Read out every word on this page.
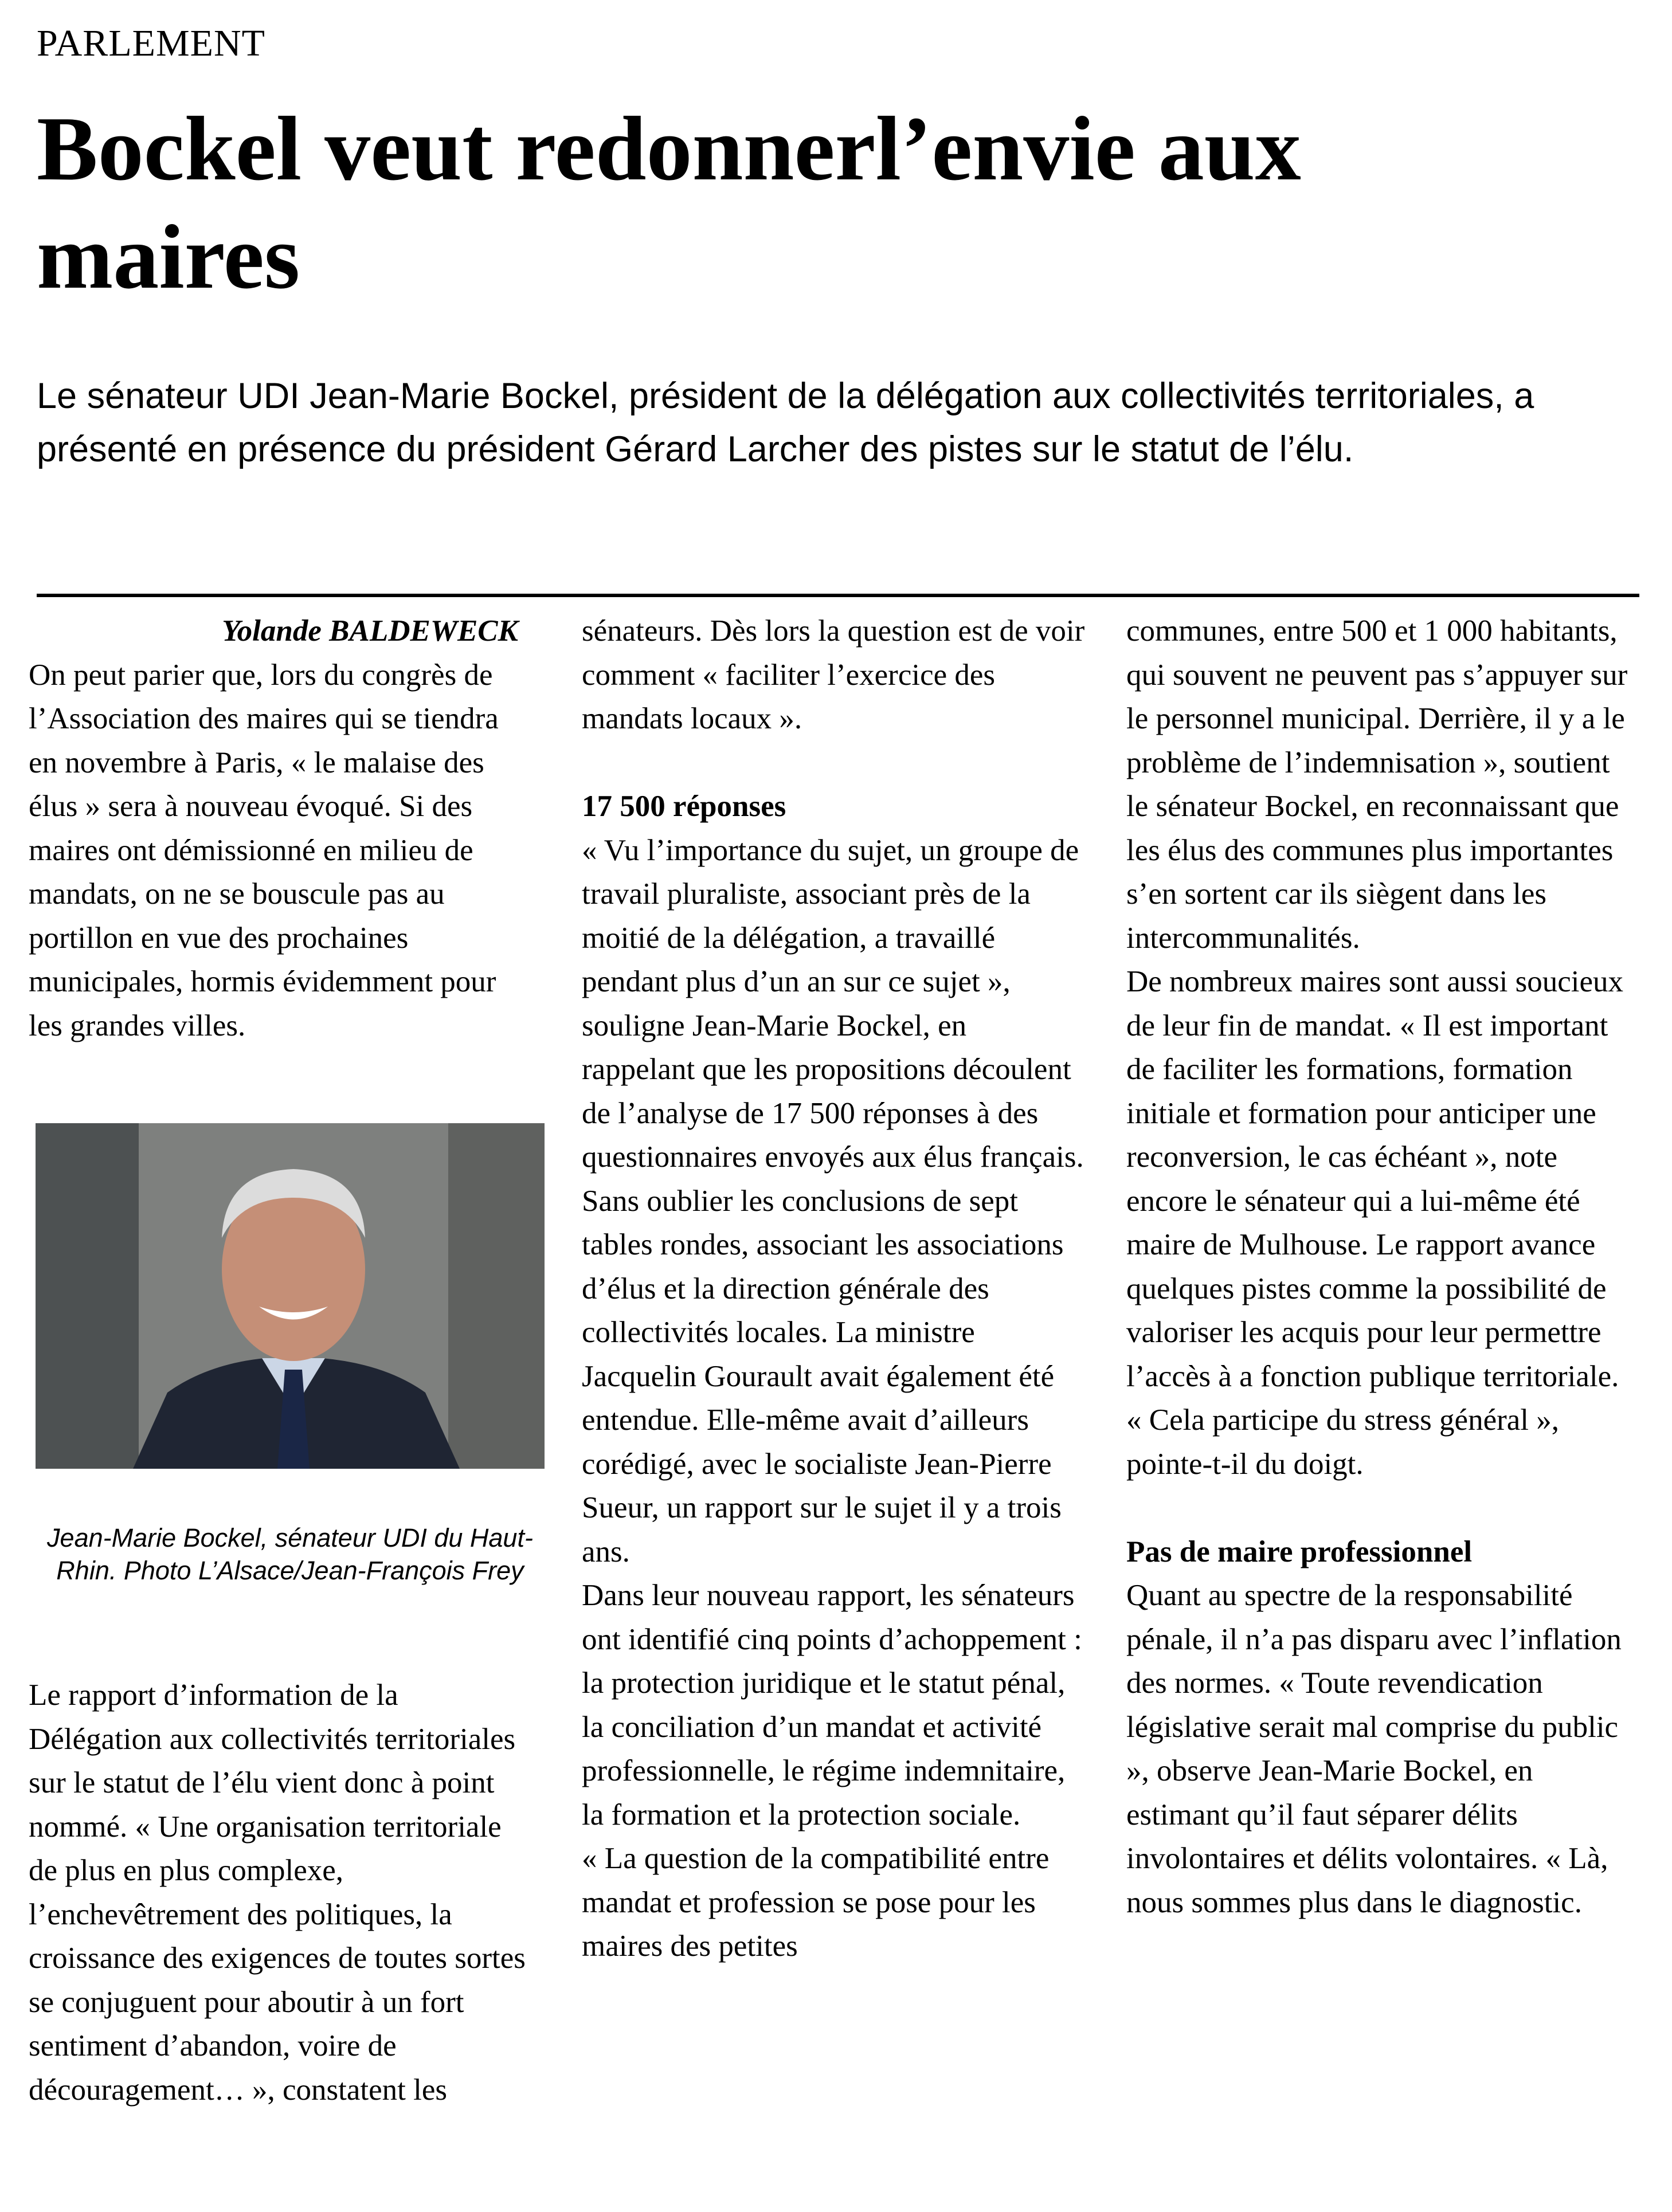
PARLEMENT
Bockel veut redonnerl’envie aux maires
Le sénateur UDI Jean-Marie Bockel, président de la délégation aux collectivités territoriales, a présenté en présence du président Gérard Larcher des pistes sur le statut de l’élu.

Yolande BALDEWECK

On peut parier que, lors du congrès de l’Association des maires qui se tiendra en novembre à Paris, « le malaise des élus » sera à nouveau évoqué. Si des maires ont démissionné en milieu de mandats, on ne se bouscule pas au portillon en vue des prochaines municipales, hormis évidemment pour les grandes villes.

Jean-Marie Bockel, sénateur UDI du Haut-Rhin. Photo L’Alsace/Jean-François Frey

Le rapport d’information de la Délégation aux collectivités territoriales sur le statut de l’élu vient donc à point nommé. « Une organisation territoriale de plus en plus complexe, l’enchevêtrement des politiques, la croissance des exigences de toutes sortes se conjuguent pour aboutir à un fort sentiment d’abandon, voire de découragement… », constatent les

sénateurs. Dès lors la question est de voir comment « faciliter l’exercice des mandats locaux ».

17 500 réponses

« Vu l’importance du sujet, un groupe de travail pluraliste, associant près de la moitié de la délégation, a travaillé pendant plus d’un an sur ce sujet », souligne Jean-Marie Bockel, en rappelant que les propositions découlent de l’analyse de 17 500 réponses à des questionnaires envoyés aux élus français. Sans oublier les conclusions de sept tables rondes, associant les associations d’élus et la direction générale des collectivités locales. La ministre Jacquelin Gourault avait également été entendue. Elle-même avait d’ailleurs corédigé, avec le socialiste Jean-Pierre Sueur, un rapport sur le sujet il y a trois ans.

Dans leur nouveau rapport, les sénateurs ont identifié cinq points d’achoppement : la protection juridique et le statut pénal, la conciliation d’un mandat et activité professionnelle, le régime indemnitaire, la formation et la protection sociale.

« La question de la compatibilité entre mandat et profession se pose pour les maires des petites

communes, entre 500 et 1 000 habitants, qui souvent ne peuvent pas s’appuyer sur le personnel municipal. Derrière, il y a le problème de l’indemnisation », soutient le sénateur Bockel, en reconnaissant que les élus des communes plus importantes s’en sortent car ils siègent dans les intercommunalités.

De nombreux maires sont aussi soucieux de leur fin de mandat. « Il est important de faciliter les formations, formation initiale et formation pour anticiper une reconversion, le cas échéant », note encore le sénateur qui a lui-même été maire de Mulhouse. Le rapport avance quelques pistes comme la possibilité de valoriser les acquis pour leur permettre l’accès à a fonction publique territoriale. « Cela participe du stress général », pointe-t-il du doigt.

Pas de maire professionnel

Quant au spectre de la responsabilité pénale, il n’a pas disparu avec l’inflation des normes. « Toute revendication législative serait mal comprise du public », observe Jean-Marie Bockel, en estimant qu’il faut séparer délits involontaires et délits volontaires. « Là, nous sommes plus dans le diagnostic.
